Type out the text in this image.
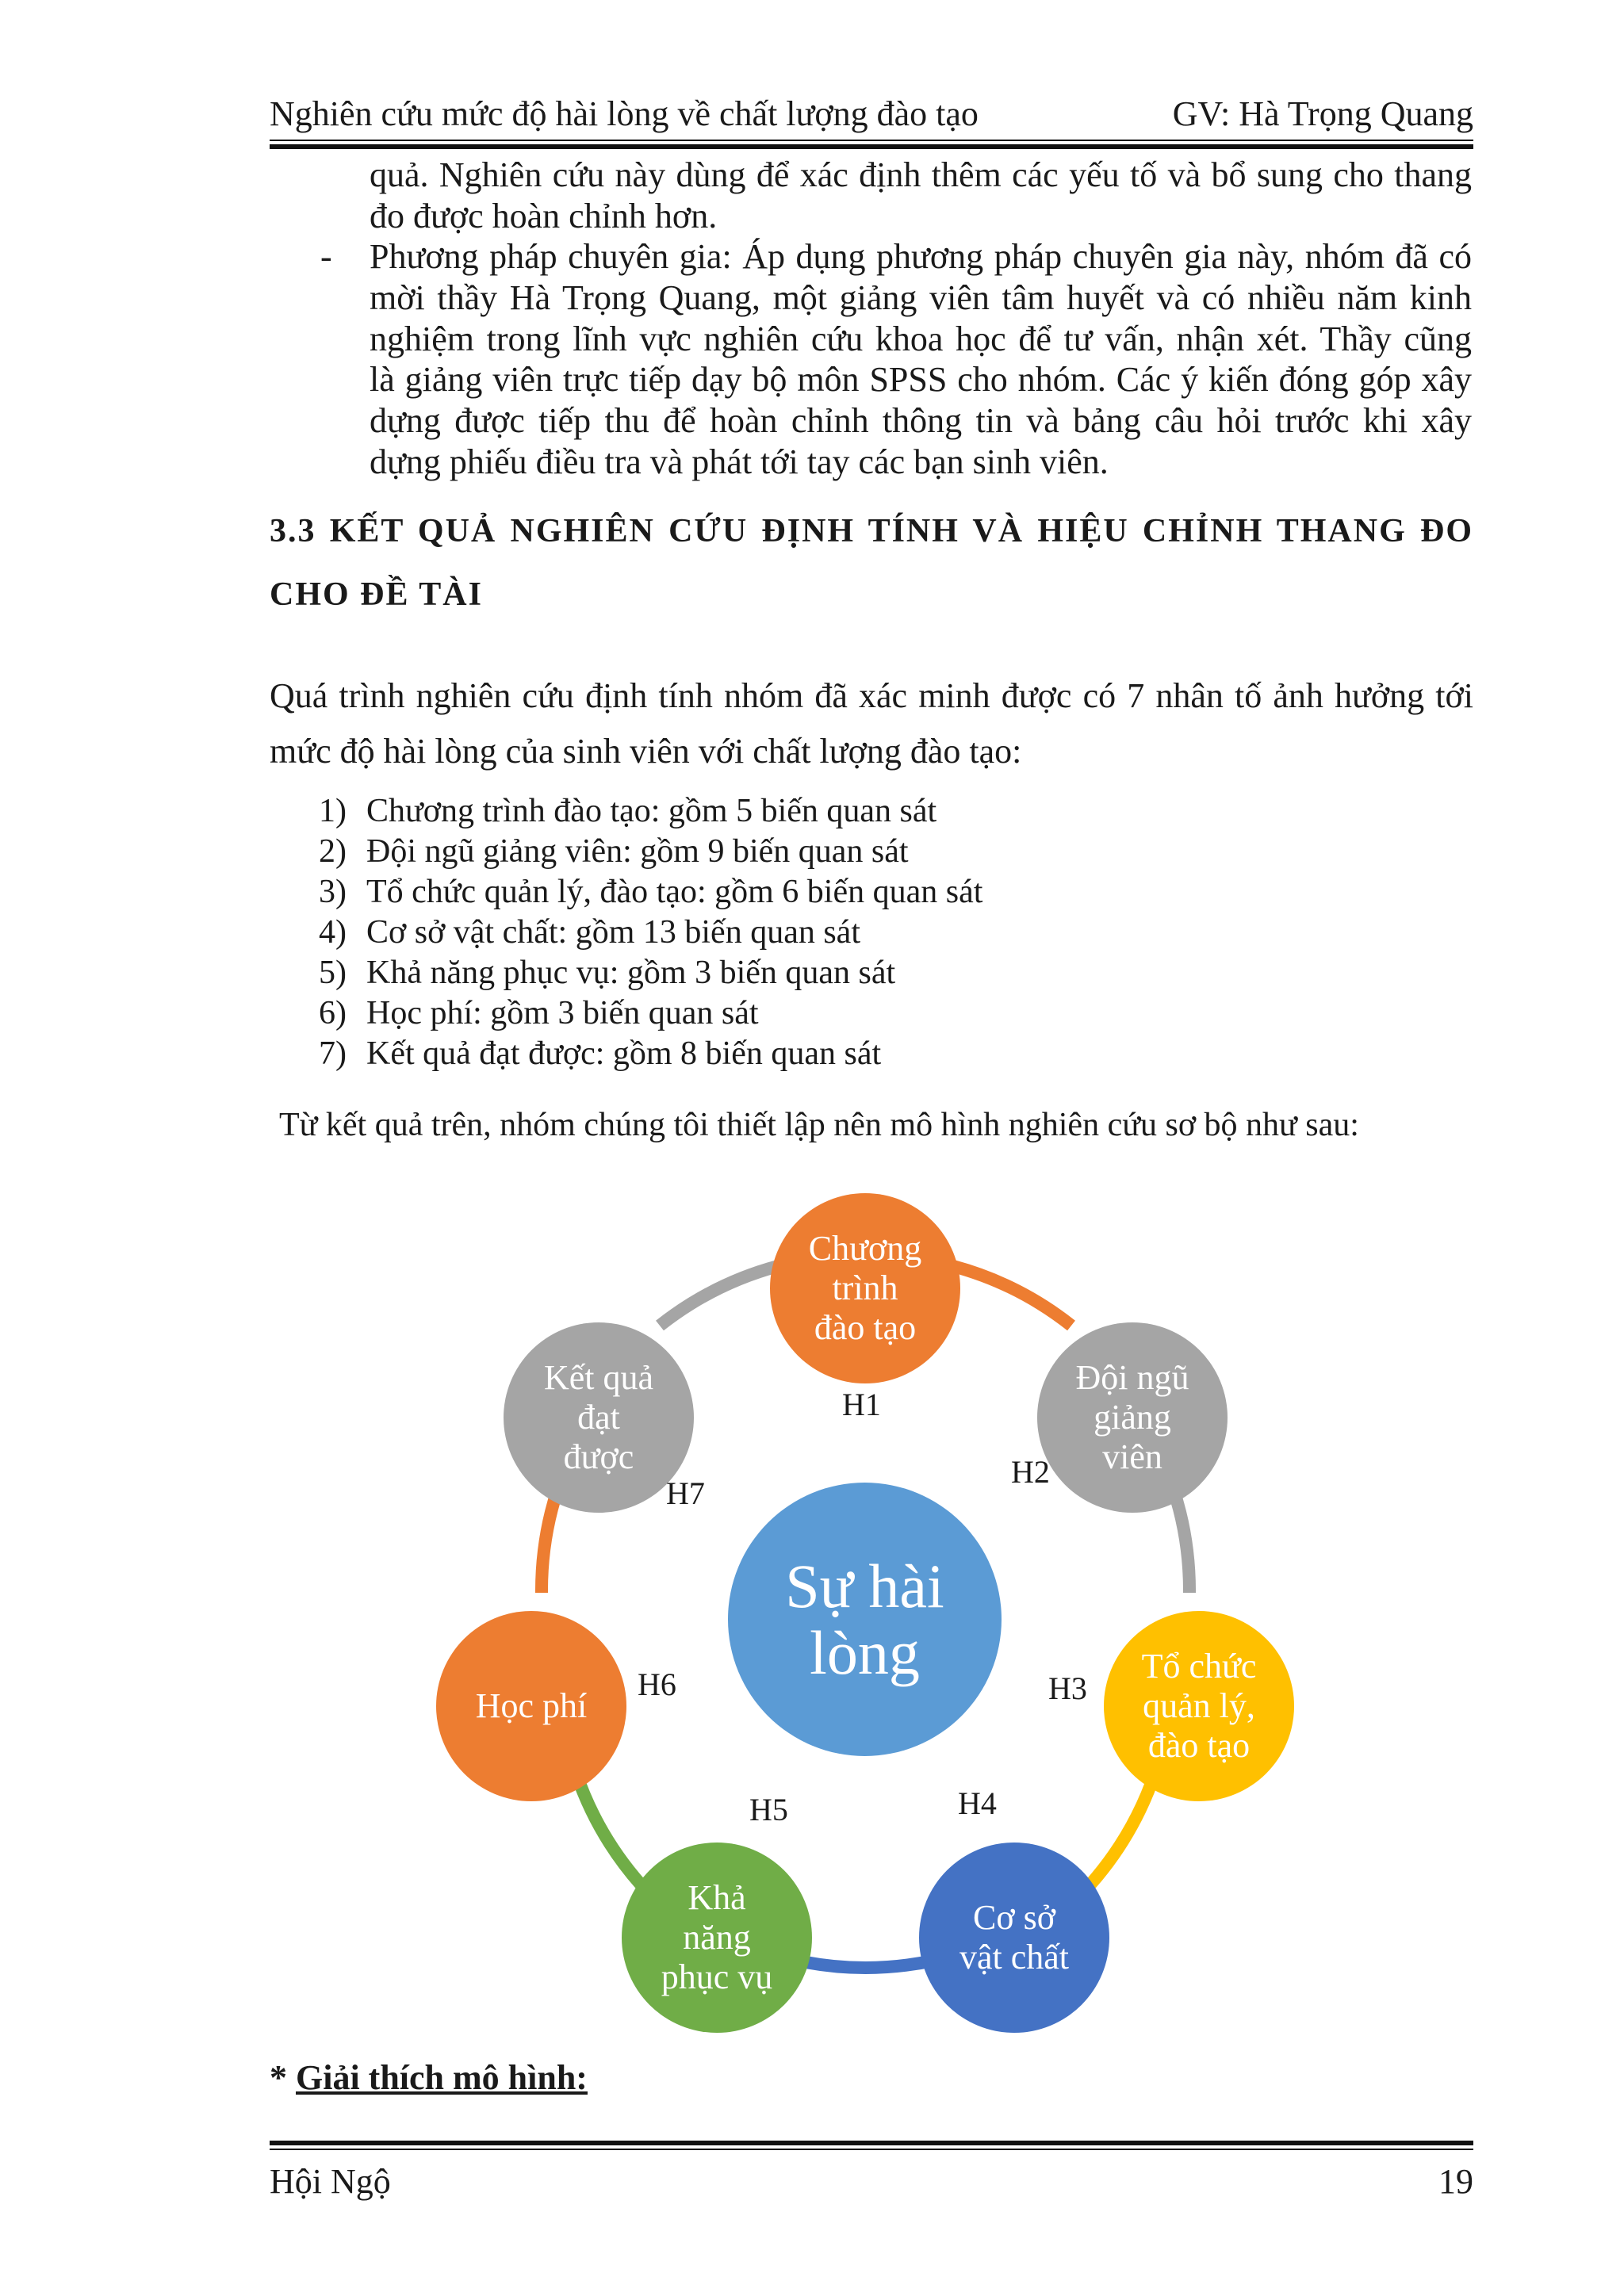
Nghiên cứu mức độ hài lòng về chất lượng đào tạo	GV: Hà Trọng Quang
quả. Nghiên cứu này dùng để xác định thêm các yếu tố và bổ sung cho thang
đo được hoàn chỉnh hơn.
- Phương pháp chuyên gia: Áp dụng phương pháp chuyên gia này, nhóm đã có
mời thầy Hà Trọng Quang, một giảng viên tâm huyết và có nhiều năm kinh
nghiệm trong lĩnh vực nghiên cứu khoa học để tư vấn, nhận xét. Thầy cũng
là giảng viên trực tiếp dạy bộ môn SPSS cho nhóm. Các ý kiến đóng góp xây
dựng được tiếp thu để hoàn chỉnh thông tin và bảng câu hỏi trước khi xây
dựng phiếu điều tra và phát tới tay các bạn sinh viên.
3.3 KẾT QUẢ NGHIÊN CỨU ĐỊNH TÍNH VÀ HIỆU CHỈNH THANG ĐO
CHO ĐỀ TÀI
Quá trình nghiên cứu định tính nhóm đã xác minh được có 7 nhân tố ảnh hưởng tới
mức độ hài lòng của sinh viên với chất lượng đào tạo:
1) Chương trình đào tạo: gồm 5 biến quan sát
2) Đội ngũ giảng viên: gồm 9 biến quan sát
3) Tổ chức quản lý, đào tạo: gồm 6 biến quan sát
4) Cơ sở vật chất: gồm 13 biến quan sát
5) Khả năng phục vụ: gồm 3 biến quan sát
6) Học phí: gồm 3 biến quan sát
7) Kết quả đạt được: gồm 8 biến quan sát
Từ kết quả trên, nhóm chúng tôi thiết lập nên mô hình nghiên cứu sơ bộ như sau:
Sự hài
lòng
Chương
trình
đào tạo
Đội ngũ
giảng
viên
Tổ chức
quản lý,
đào tạo
Cơ sở
vật chất
Khả
năng
phục vụ
Học phí
Kết quả
đạt
được
H1
H2
H3
H4
H5
H6
H7
* Giải thích mô hình:
Hội Ngộ	19
